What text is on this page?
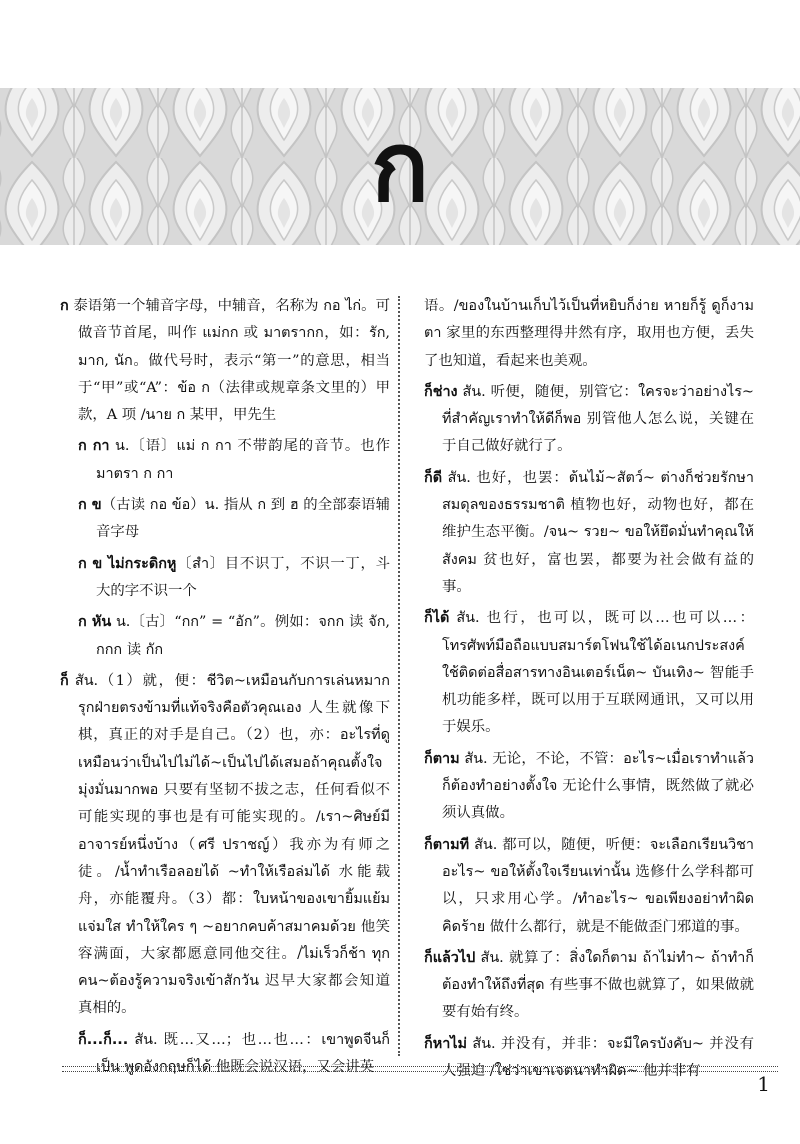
ก
ก 泰语第一个辅音字母，中辅音，名称为 กอ ไก่。可做音节首尾，叫作 แม่กก 或 มาตรากก，如：รัก, มาก, นัก。做代号时，表示“第一”的意思，相当于“甲”或“A”：ข้อ ก（法律或规章条文里的）甲款，A 项 /นาย ก 某甲，甲先生
ก กา น.〔语〕แม่ ก กา 不带韵尾的音节。也作 มาตรา ก กา
ก ข（古读 กอ ข้อ）น. 指从 ก 到 ฮ 的全部泰语辅音字母
ก ข ไม่กระดิกหู〔สำ〕目不识丁，不识一丁，斗大的字不识一个
ก หัน น.〔古〕“กก” = “อัก”。例如：จกก 读 จัก, กกก 读 กัก
ก็ สัน.（1）就，便：ชีวิต~เหมือนกับการเล่นหมากรุกฝ่ายตรงข้ามที่แท้จริงคือตัวคุณเอง 人生就像下棋，真正的对手是自己。（2）也，亦：อะไรที่ดูเหมือนว่าเป็นไปไม่ได้~เป็นไปได้เสมอถ้าคุณตั้งใจมุ่งมั่นมากพอ 只要有坚韧不拔之志，任何看似不可能实现的事也是有可能实现的。/เรา~ศิษย์มีอาจารย์หนึ่งบ้าง（ศรี ปราชญ์）我亦为有师之徒。/น้ำทำเรือลอยได้ ~ทำให้เรือล่มได้ 水能载舟，亦能覆舟。（3）都：ใบหน้าของเขายิ้มแย้มแจ่มใส ทำให้ใคร ๆ ~อยากคบค้าสมาคมด้วย 他笑容满面，大家都愿意同他交往。/ไม่เร็วก็ช้า ทุกคน~ต้องรู้ความจริงเข้าสักวัน 迟早大家都会知道真相的。
ก็...ก็... สัน. 既…又…；也…也…：เขาพูดจีนก็เป็น พูดอังกฤษก็ได้ 他既会说汉语，又会讲英
语。/ของในบ้านเก็บไว้เป็นที่หยิบก็ง่าย หายก็รู้ ดูก็งามตา 家里的东西整理得井然有序，取用也方便，丢失了也知道，看起来也美观。
ก็ช่าง สัน. 听便，随便，别管它：ใครจะว่าอย่างไร~ ที่สำคัญเราทำให้ดีก็พอ 别管他人怎么说，关键在于自己做好就行了。
ก็ดี สัน. 也好，也罢：ต้นไม้~สัตว์~ ต่างก็ช่วยรักษาสมดุลของธรรมชาติ 植物也好，动物也好，都在维护生态平衡。/จน~ รวย~ ขอให้ยึดมั่นทำคุณให้สังคม 贫也好，富也罢，都要为社会做有益的事。
ก็ได้ สัน. 也行，也可以，既可以…也可以…：โทรศัพท์มือถือแบบสมาร์ตโฟนใช้ได้อเนกประสงค์ ใช้ติดต่อสื่อสารทางอินเตอร์เน็ต~ บันเทิง~ 智能手机功能多样，既可以用于互联网通讯，又可以用于娱乐。
ก็ตาม สัน. 无论，不论，不管：อะไร~เมื่อเราทำแล้วก็ต้องทำอย่างตั้งใจ 无论什么事情，既然做了就必须认真做。
ก็ตามที สัน. 都可以，随便，听便：จะเลือกเรียนวิชาอะไร~ ขอให้ตั้งใจเรียนเท่านั้น 选修什么学科都可以，只求用心学。/ทำอะไร~ ขอเพียงอย่าทำผิดคิดร้าย 做什么都行，就是不能做歪门邪道的事。
ก็แล้วไป สัน. 就算了：สิ่งใดก็ตาม ถ้าไม่ทำ~ ถ้าทำก็ต้องทำให้ถึงที่สุด 有些事不做也就算了，如果做就要有始有终。
ก็หาไม่ สัน. 并没有，并非：จะมีใครบังคับ~ 并没有人强迫 /ใช่ว่าเขาเจตนาทำผิด~ 他并非有
1
